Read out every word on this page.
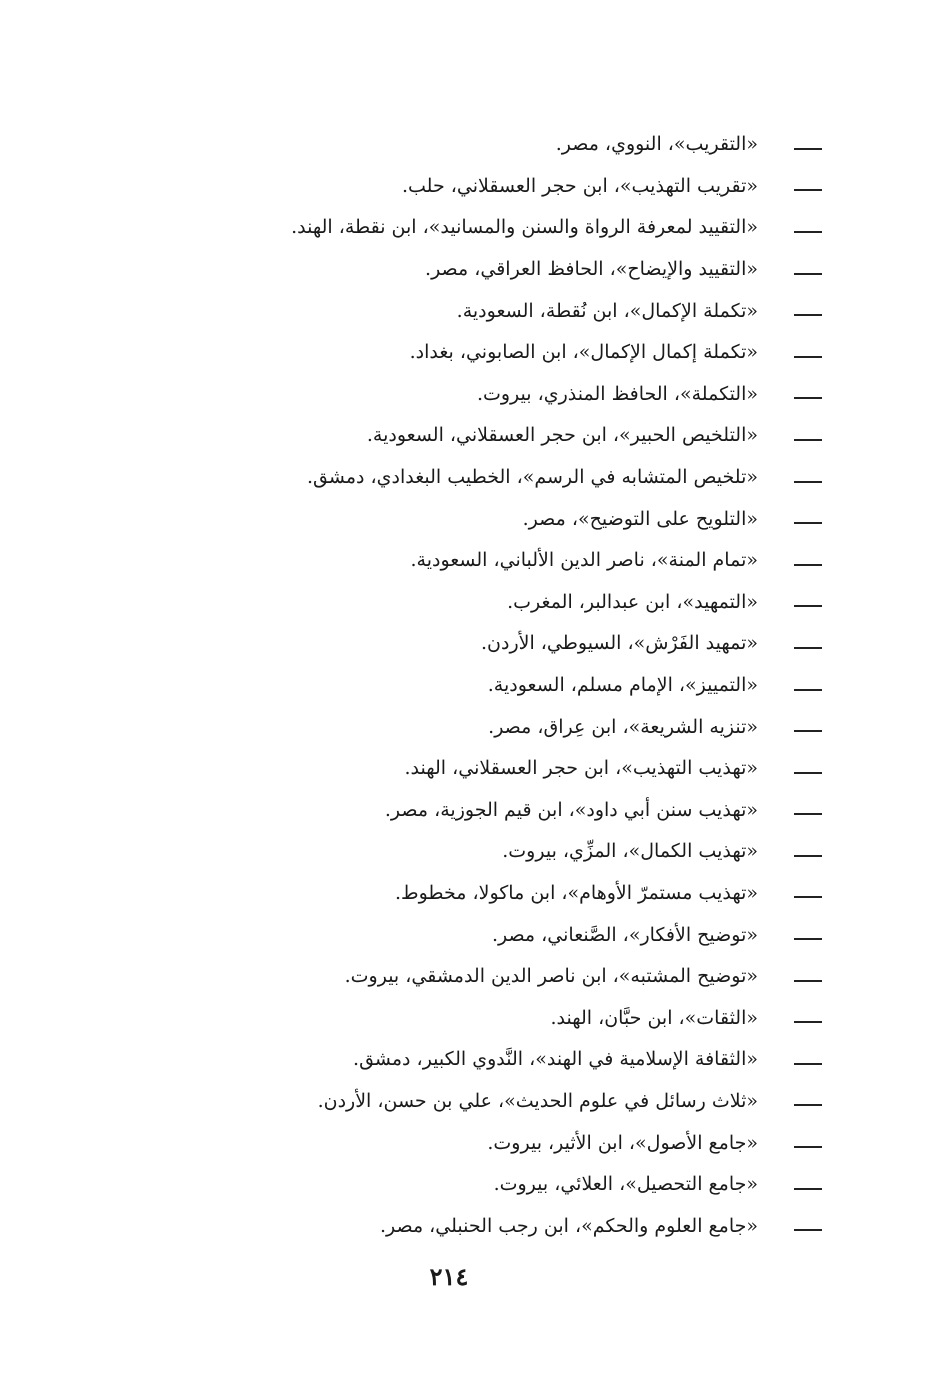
«التقريب»، النووي، مصر.
«تقريب التهذيب»، ابن حجر العسقلاني، حلب.
«التقييد لمعرفة الرواة والسنن والمسانيد»، ابن نقطة، الهند.
«التقييد والإيضاح»، الحافظ العراقي، مصر.
«تكملة الإكمال»، ابن نُقطة، السعودية.
«تكملة إكمال الإكمال»، ابن الصابوني، بغداد.
«التكملة»، الحافظ المنذري، بيروت.
«التلخيص الحبير»، ابن حجر العسقلاني، السعودية.
«تلخيص المتشابه في الرسم»، الخطيب البغدادي، دمشق.
«التلويح على التوضيح»، مصر.
«تمام المنة»، ناصر الدين الألباني، السعودية.
«التمهيد»، ابن عبدالبر، المغرب.
«تمهيد الفَرْش»، السيوطي، الأردن.
«التمييز»، الإمام مسلم، السعودية.
«تنزيه الشريعة»، ابن عِراق، مصر.
«تهذيب التهذيب»، ابن حجر العسقلاني، الهند.
«تهذيب سنن أبي داود»، ابن قيم الجوزية، مصر.
«تهذيب الكمال»، المزِّي، بيروت.
«تهذيب مستمرّ الأوهام»، ابن ماكولا، مخطوط.
«توضيح الأفكار»، الصَّنعاني، مصر.
«توضيح المشتبه»، ابن ناصر الدين الدمشقي، بيروت.
«الثقات»، ابن حبَّان، الهند.
«الثقافة الإسلامية في الهند»، النَّدوي الكبير، دمشق.
«ثلاث رسائل في علوم الحديث»، علي بن حسن، الأردن.
«جامع الأصول»، ابن الأثير، بيروت.
«جامع التحصيل»، العلائي، بيروت.
«جامع العلوم والحكم»، ابن رجب الحنبلي، مصر.
٢١٤
